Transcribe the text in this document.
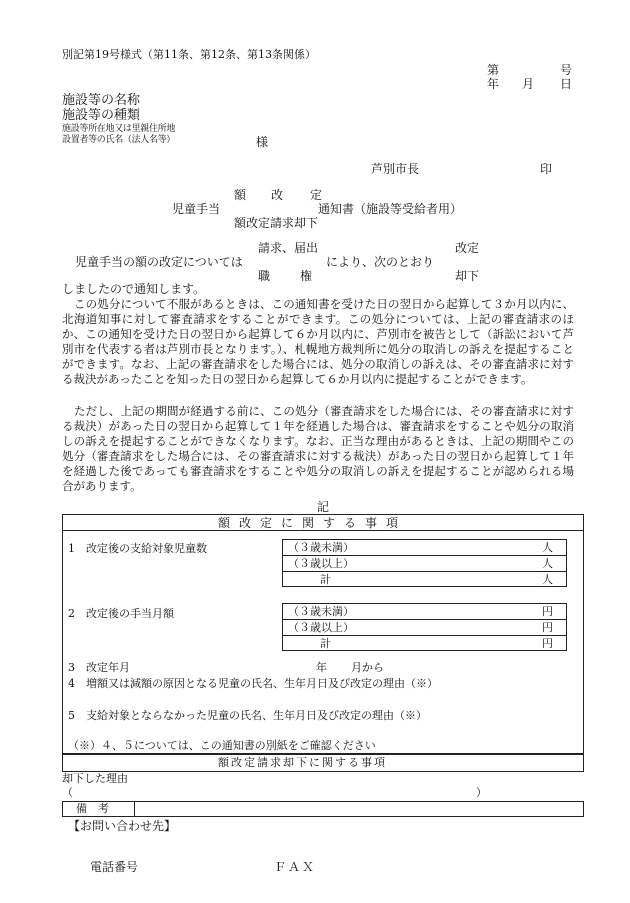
別記第19号様式（第11条、第12条、第13条関係）
第	号
年 月 日
施設等の名称
施設等の種類
施設等所在地又は里親住所地
設置者等の氏名（法人名等）	様
芦別市長	印
額 改 定
児童手当	通知書（施設等受給者用）
額改定請求却下
請求、届出	改定
児童手当の額の改定については	により、次のとおり
職 権	却下
しましたので通知します。
この処分について不服があるときは、この通知書を受けた日の翌日から起算して３か月以内に、北海道知事に対して審査請求をすることができます。この処分については、上記の審査請求のほか、この通知を受けた日の翌日から起算して６か月以内に、芦別市を被告として（訴訟において芦別市を代表する者は芦別市長となります。）、札幌地方裁判所に処分の取消しの訴えを提起することができます。なお、上記の審査請求をした場合には、処分の取消しの訴えは、その審査請求に対する裁決があったことを知った日の翌日から起算して６か月以内に提起することができます。
ただし、上記の期間が経過する前に、この処分（審査請求をした場合には、その審査請求に対する裁決）があった日の翌日から起算して１年を経過した場合は、審査請求をすることや処分の取消しの訴えを提起することができなくなります。なお、正当な理由があるときは、上記の期間やこの処分（審査請求をした場合には、その審査請求に対する裁決）があった日の翌日から起算して１年を経過した後であっても審査請求をすることや処分の取消しの訴えを提起することが認められる場合があります。
記
額改定に関する事項
1　改定後の支給対象児童数	（３歳未満）	人
（３歳以上）	人
計	人
2　改定後の手当月額	（３歳未満）	円
（３歳以上）	円
計	円
3　改定年月	年 月から
4　増額又は減額の原因となる児童の氏名、生年月日及び改定の理由（※）
5　支給対象とならなかった児童の氏名、生年月日及び改定の理由（※）
（※）４、５については、この通知書の別紙をご確認ください
額改定請求却下に関する事項
却下した理由
（	）
備　考
【お問い合わせ先】
電話番号	ＦＡＸ
